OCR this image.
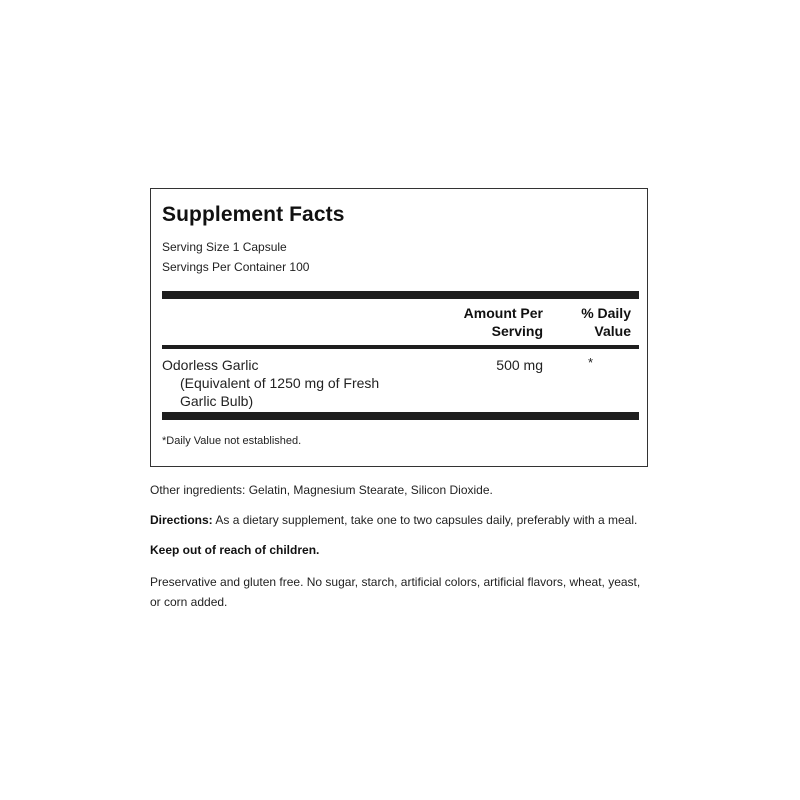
Supplement Facts
Serving Size 1 Capsule
Servings Per Container 100
Amount Per
Serving
% Daily
Value
Odorless Garlic
(Equivalent of 1250 mg of Fresh
Garlic Bulb)
500 mg	*
*Daily Value not established.
Other ingredients: Gelatin, Magnesium Stearate, Silicon Dioxide.
Directions: As a dietary supplement, take one to two capsules daily, preferably with a meal.
Keep out of reach of children.
Preservative and gluten free. No sugar, starch, artificial colors, artificial flavors, wheat, yeast, or corn added.
